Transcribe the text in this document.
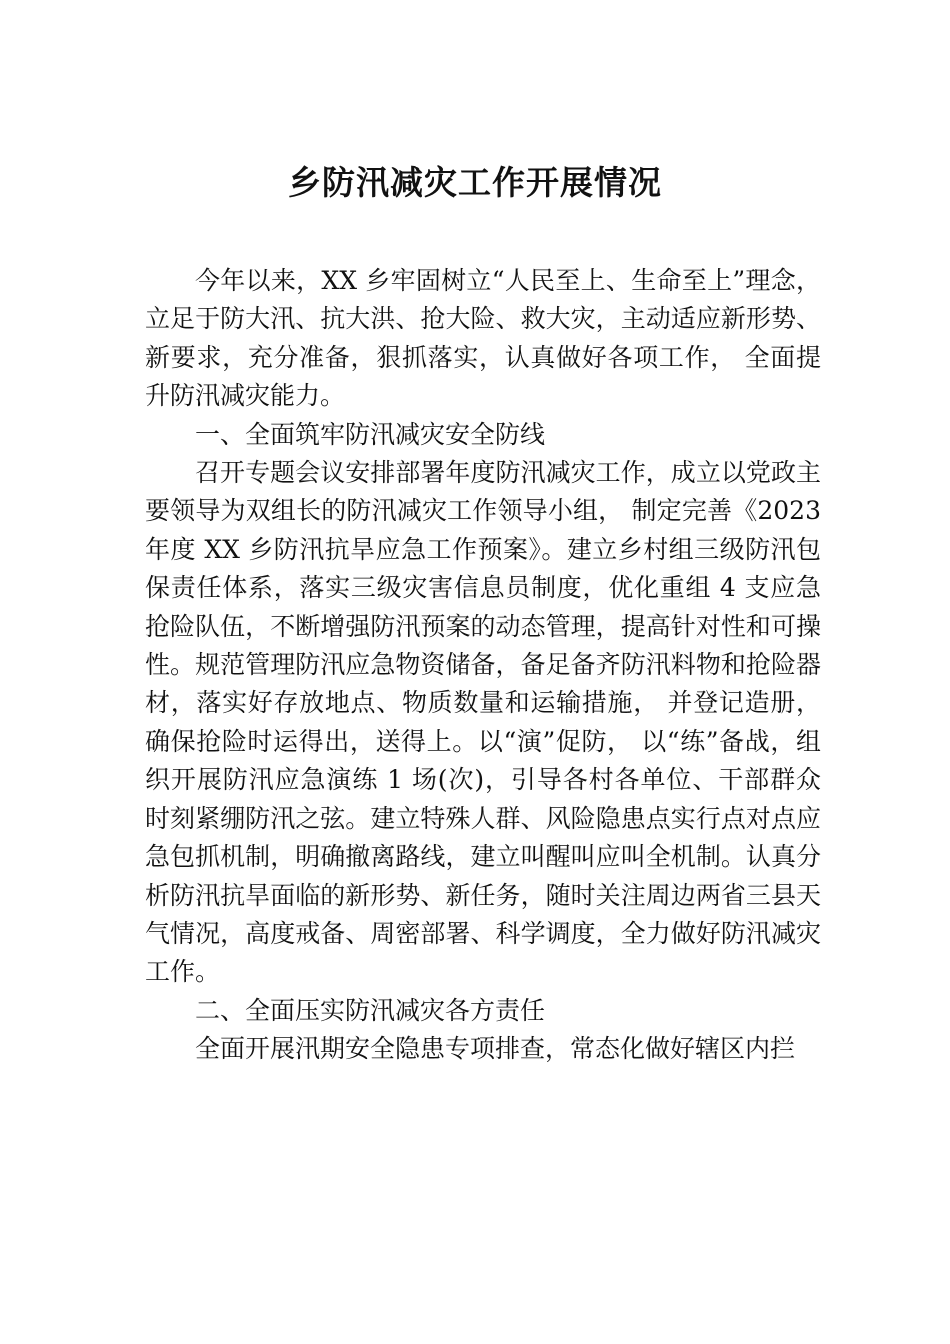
乡防汛减灾工作开展情况

今年以来，XX 乡牢固树立“人民至上、生命至上”理念，立足于防大汛、抗大洪、抢大险、救大灾，主动适应新形势、新要求，充分准备，狠抓落实，认真做好各项工作， 全面提升防汛减灾能力。

一、全面筑牢防汛减灾安全防线

召开专题会议安排部署年度防汛减灾工作，成立以党政主要领导为双组长的防汛减灾工作领导小组， 制定完善《2023 年度 XX 乡防汛抗旱应急工作预案》。建立乡村组三级防汛包保责任体系，落实三级灾害信息员制度，优化重组 4 支应急抢险队伍，不断增强防汛预案的动态管理，提高针对性和可操性。规范管理防汛应急物资储备，备足备齐防汛料物和抢险器材，落实好存放地点、物质数量和运输措施， 并登记造册，确保抢险时运得出，送得上。以“演”促防， 以“练”备战，组织开展防汛应急演练 1 场(次)，引导各村各单位、干部群众时刻紧绷防汛之弦。建立特殊人群、风险隐患点实行点对点应急包抓机制，明确撤离路线，建立叫醒叫应叫全机制。认真分析防汛抗旱面临的新形势、新任务，随时关注周边两省三县天气情况，高度戒备、周密部署、科学调度，全力做好防汛减灾工作。

二、全面压实防汛减灾各方责任

全面开展汛期安全隐患专项排查，常态化做好辖区内拦
